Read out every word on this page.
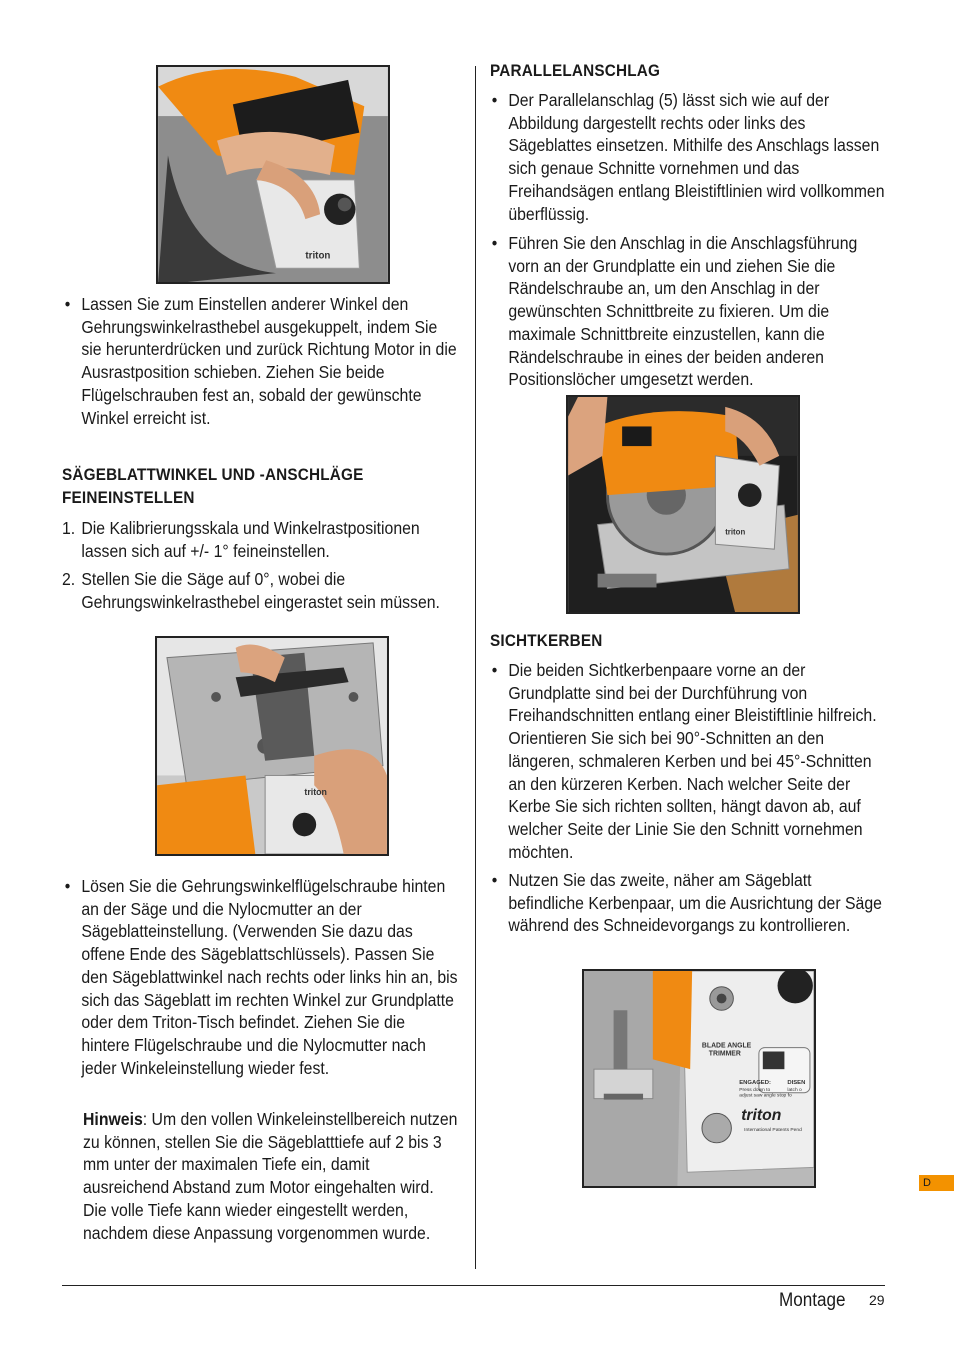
triton
• Lassen Sie zum Einstellen anderer Winkel den Gehrungswinkelrasthebel ausgekuppelt, indem Sie sie herunterdrücken und zurück Richtung Motor in die Ausrastposition schieben. Ziehen Sie beide Flügelschrauben fest an, sobald der gewünschte Winkel erreicht ist.
SÄGEBLATTWINKEL UND -ANSCHLÄGE FEINEINSTELLEN
1. Die Kalibrierungsskala und Winkelrastpositionen lassen sich auf +/- 1° feineinstellen.
2. Stellen Sie die Säge auf 0°, wobei die Gehrungswinkelrasthebel eingerastet sein müssen.
triton
• Lösen Sie die Gehrungswinkelflügelschraube hinten an der Säge und die Nylocmutter an der Sägeblatteinstellung. (Verwenden Sie dazu das offene Ende des Sägeblattschlüssels). Passen Sie den Sägeblattwinkel nach rechts oder links hin an, bis sich das Sägeblatt im rechten Winkel zur Grundplatte oder dem Triton-Tisch befindet. Ziehen Sie die hintere Flügelschraube und die Nylocmutter nach jeder Winkeleinstellung wieder fest.
Hinweis: Um den vollen Winkeleinstellbereich nutzen zu können, stellen Sie die Sägeblatttiefe auf 2 bis 3 mm unter der maximalen Tiefe ein, damit ausreichend Abstand zum Motor eingehalten wird. Die volle Tiefe kann wieder eingestellt werden, nachdem diese Anpassung vorgenommen wurde.
PARALLELANSCHLAG
• Der Parallelanschlag (5) lässt sich wie auf der Abbildung dargestellt rechts oder links des Sägeblattes einsetzen. Mithilfe des Anschlags lassen sich genaue Schnitte vornehmen und das Freihandsägen entlang Bleistiftlinien wird vollkommen überflüssig.
• Führen Sie den Anschlag in die Anschlagsführung vorn an der Grundplatte ein und ziehen Sie die Rändelschraube an, um den Anschlag in der gewünschten Schnittbreite zu fixieren. Um die maximale Schnittbreite einzustellen, kann die Rändelschraube in eines der beiden anderen Positionslöcher umgesetzt werden.
triton
SICHTKERBEN
• Die beiden Sichtkerbenpaare vorne an der Grundplatte sind bei der Durchführung von Freihandschnitten entlang einer Bleistiftlinie hilfreich. Orientieren Sie sich bei 90°-Schnitten an den längeren, schmaleren Kerben und bei 45°-Schnitten an den kürzeren Kerben. Nach welcher Seite der Kerbe Sie sich richten sollten, hängt davon ab, auf welcher Seite der Linie Sie den Schnitt vornehmen möchten.
• Nutzen Sie das zweite, näher am Sägeblatt befindliche Kerbenpaar, um die Ausrichtung der Säge während des Schneidevorgangs zu kontrollieren.
BLADE ANGLE
TRIMMER
ENGAGED:	DISEN
Press down to	latch o
adjust saw angle stop fo
triton
International Patents Pend
D
Montage 29
